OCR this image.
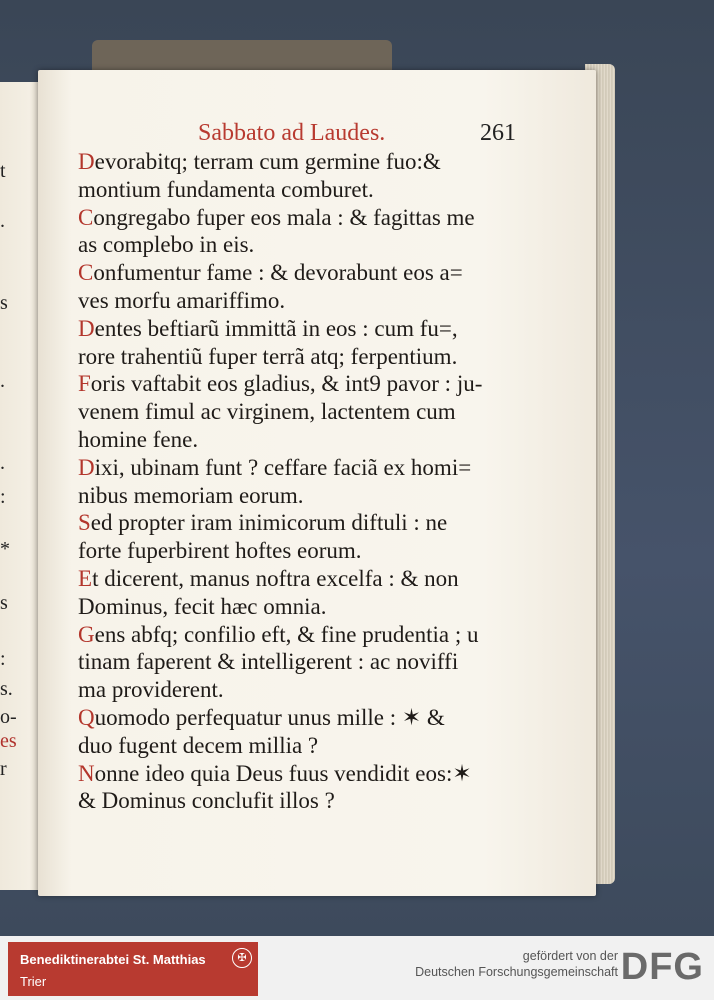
t
.
s
.
.
:
*
s
:
s.
o-
es
r
Sabbato ad Laudes.	261
Devorabitq; terram cum germine fuo:&
montium fundamenta comburet.
Congregabo fuper eos mala : & fagittas me
as complebo in eis.
Confumentur fame : & devorabunt eos a=
ves morfu amariffimo.
Dentes beftiarũ immittã in eos : cum fu=,
rore trahentiũ fuper terrã atq; ferpentium.
Foris vaftabit eos gladius, & int9 pavor : ju-
venem fimul ac virginem, lactentem cum
homine fene.
Dixi, ubinam funt ? ceffare faciã ex homi=
nibus memoriam eorum.
Sed propter iram inimicorum diftuli : ne
forte fuperbirent hoftes eorum.
Et dicerent, manus noftra excelfa : & non
Dominus, fecit hæc omnia.
Gens abfq; confilio eft, & fine prudentia ; u
tinam faperent & intelligerent : ac noviffi
ma providerent.
Quomodo perfequatur unus mille : ✶ &
duo fugent decem millia ?
Nonne ideo quia Deus fuus vendidit eos:✶
& Dominus conclufit illos ?
Benediktinerabtei St. Matthias
Trier
✠	gefördert von der
Deutschen Forschungsgemeinschaft DFG
